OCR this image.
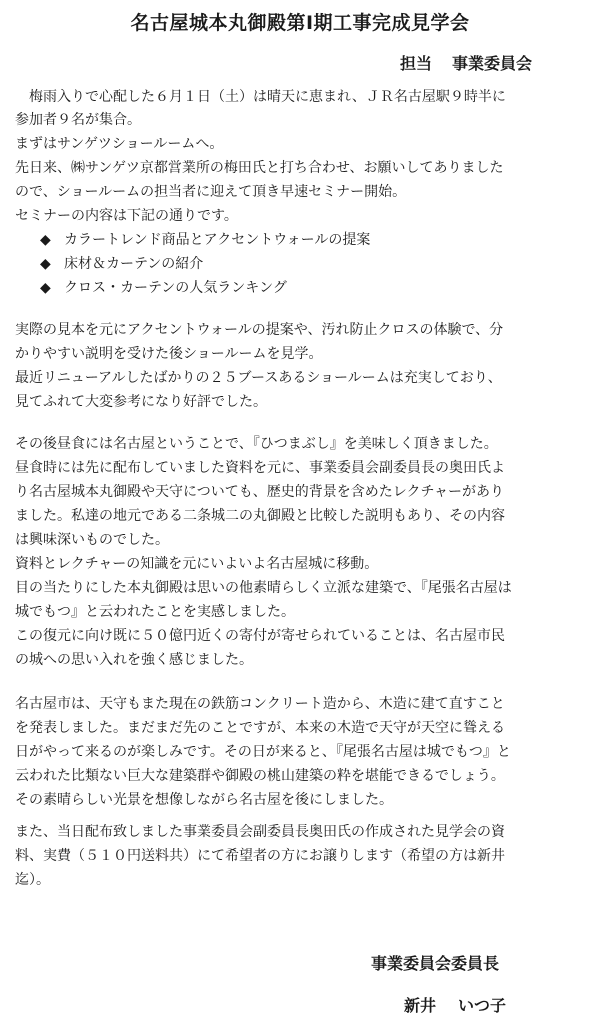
名古屋城本丸御殿第Ⅰ期工事完成見学会
担当 事業委員会
　梅雨入りで心配した６月１日（土）は晴天に恵まれ、ＪＲ名古屋駅９時半に
参加者９名が集合。
まずはサンゲツショールームへ。
先日来、㈱サンゲツ京都営業所の梅田氏と打ち合わせ、お願いしてありました
ので、ショールームの担当者に迎えて頂き早速セミナー開始。
セミナーの内容は下記の通りです。
◆ カラートレンド商品とアクセントウォールの提案
◆ 床材＆カーテンの紹介
◆ クロス・カーテンの人気ランキング
実際の見本を元にアクセントウォールの提案や、汚れ防止クロスの体験で、分
かりやすい説明を受けた後ショールームを見学。
最近リニューアルしたばかりの２５ブースあるショールームは充実しており、
見てふれて大変参考になり好評でした。
その後昼食には名古屋ということで、『ひつまぶし』を美味しく頂きました。
昼食時には先に配布していました資料を元に、事業委員会副委員長の奥田氏よ
り名古屋城本丸御殿や天守についても、歴史的背景を含めたレクチャーがあり
ました。私達の地元である二条城二の丸御殿と比較した説明もあり、その内容
は興味深いものでした。
資料とレクチャーの知識を元にいよいよ名古屋城に移動。
目の当たりにした本丸御殿は思いの他素晴らしく立派な建築で、『尾張名古屋は
城でもつ』と云われたことを実感しました。
この復元に向け既に５０億円近くの寄付が寄せられていることは、名古屋市民
の城への思い入れを強く感じました。
名古屋市は、天守もまた現在の鉄筋コンクリート造から、木造に建て直すこと
を発表しました。まだまだ先のことですが、本来の木造で天守が天空に聳える
日がやって来るのが楽しみです。その日が来ると、『尾張名古屋は城でもつ』と
云われた比類ない巨大な建築群や御殿の桃山建築の粋を堪能できるでしょう。
その素晴らしい光景を想像しながら名古屋を後にしました。
また、当日配布致しました事業委員会副委員長奥田氏の作成された見学会の資
料、実費（５１０円送料共）にて希望者の方にお譲りします（希望の方は新井
迄）。
事業委員会委員長
新井 いつ子
